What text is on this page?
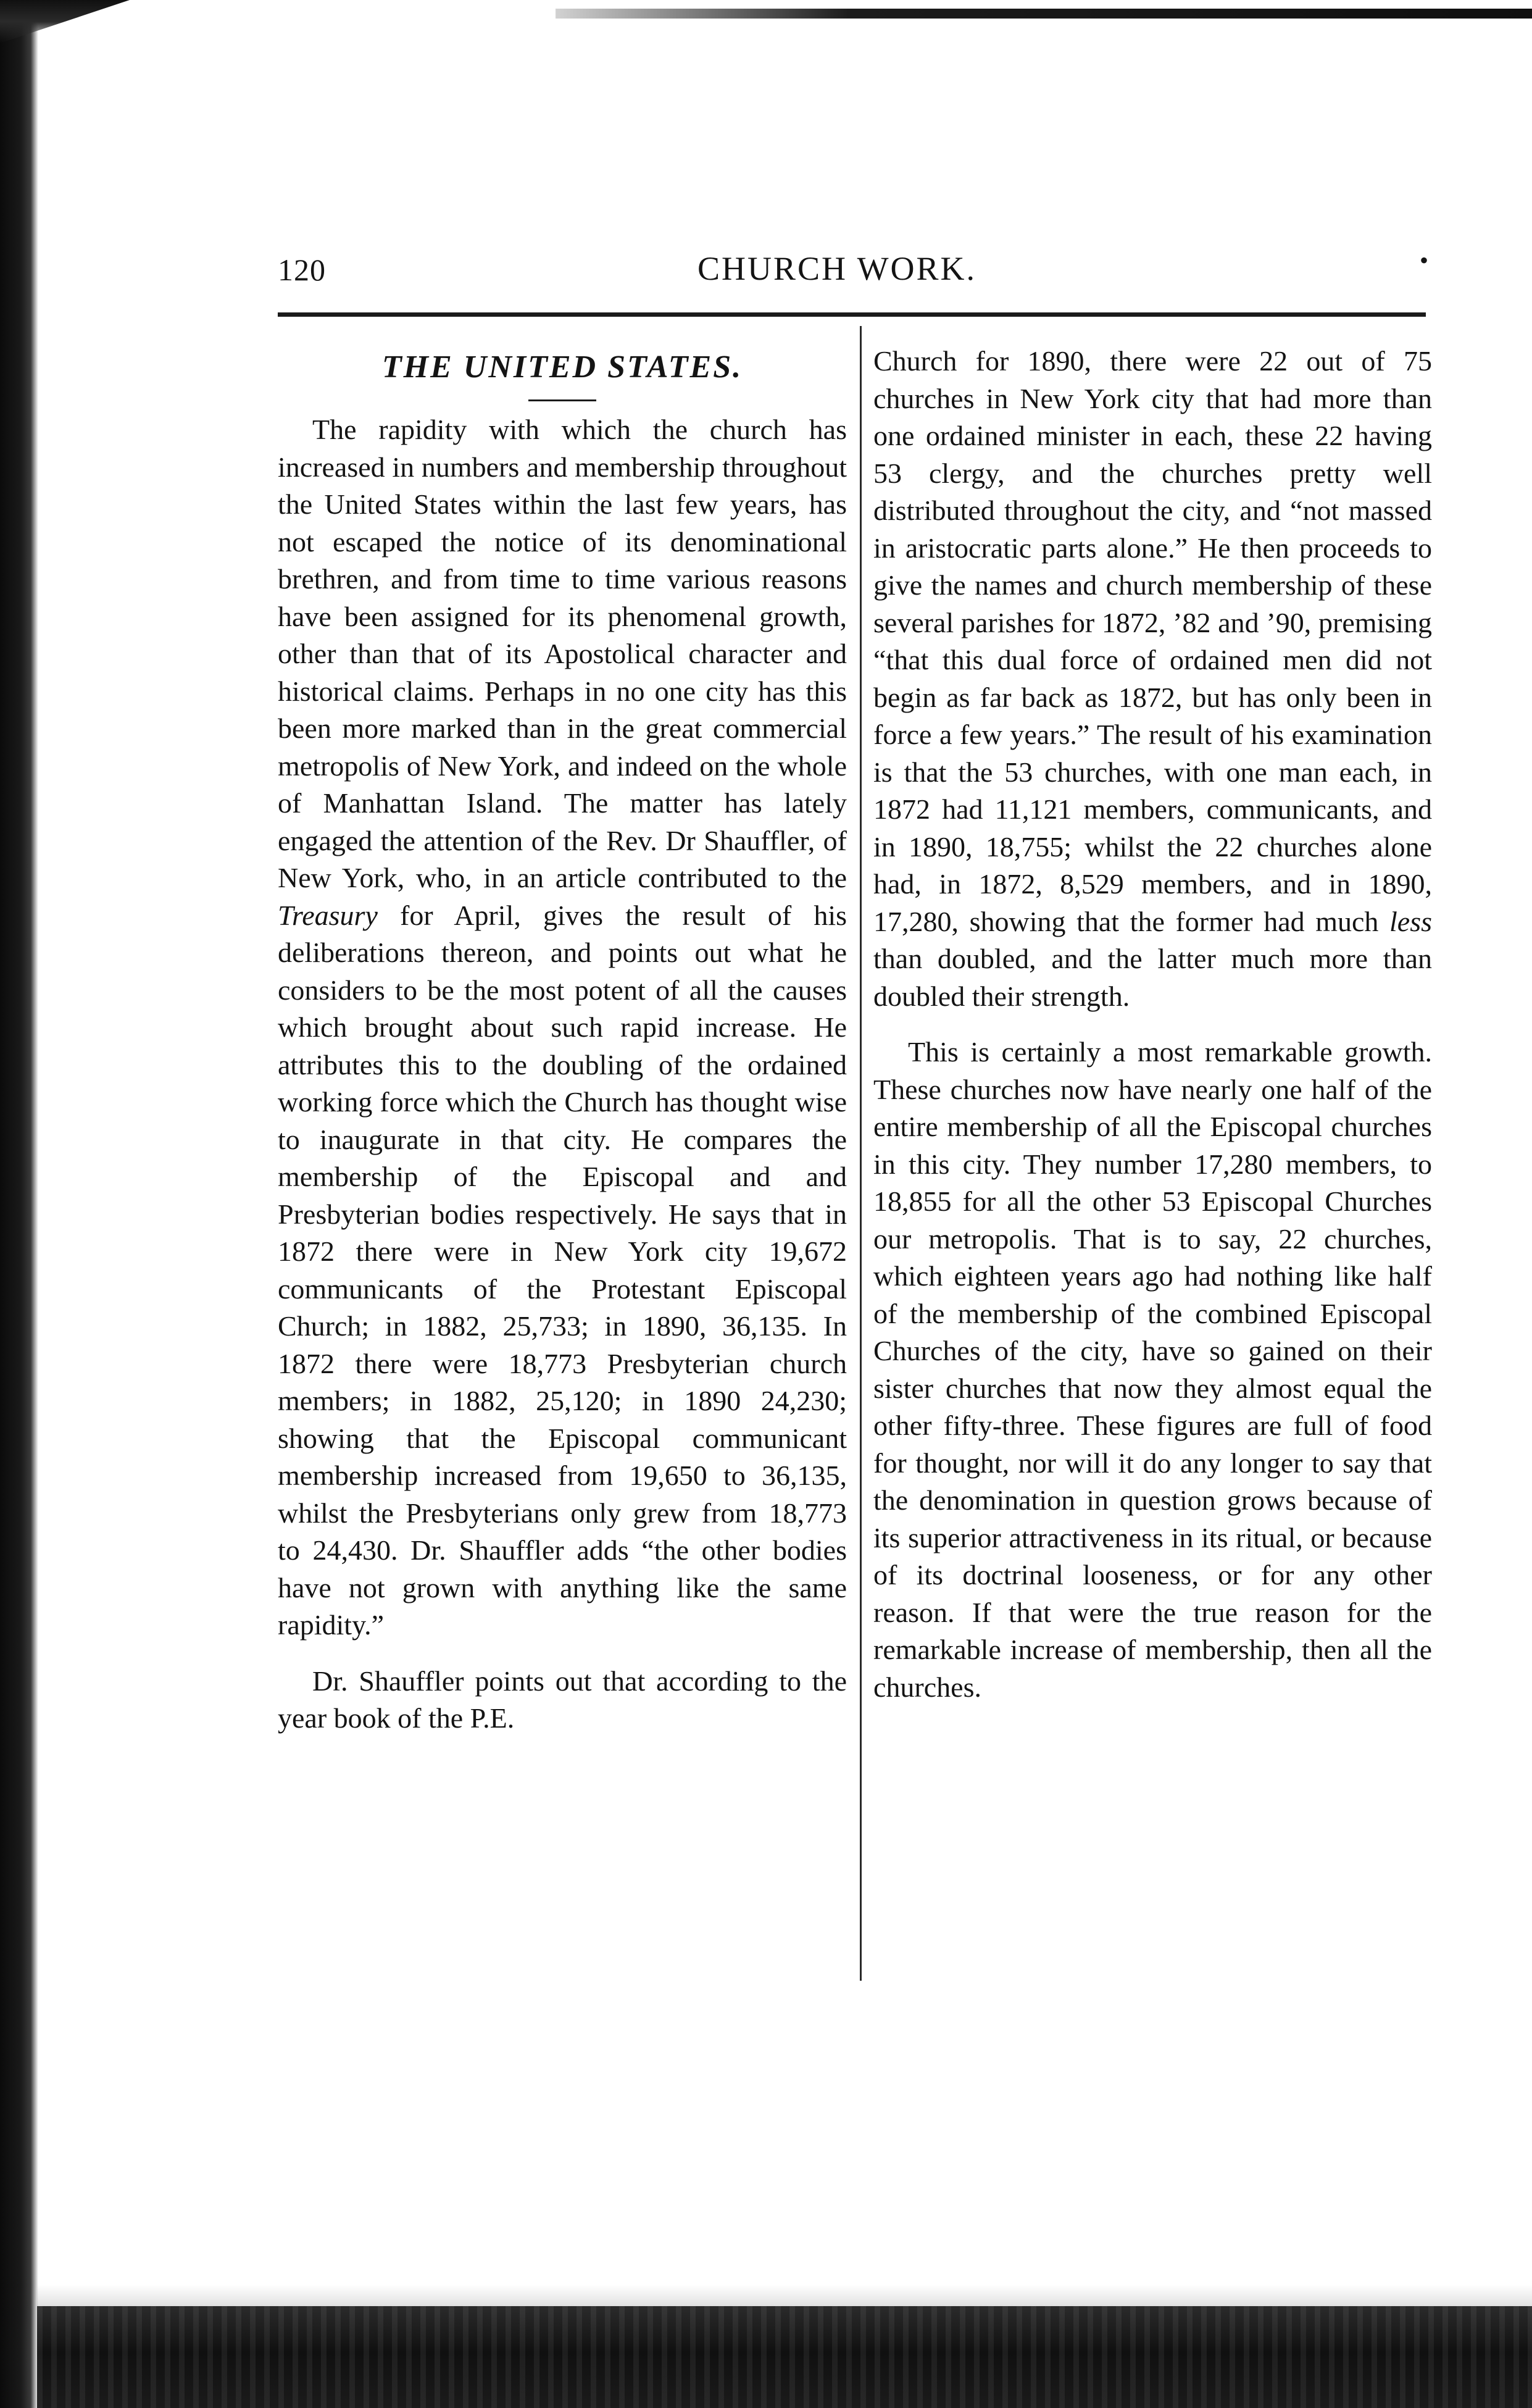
120	CHURCH WORK.	•
THE UNITED STATES.

The rapidity with which the church has increased in numbers and membership throughout the United States within the last few years, has not escaped the notice of its denominational brethren, and from time to time various reasons have been assigned for its phenomenal growth, other than that of its Apostolical character and historical claims. Perhaps in no one city has this been more marked than in the great commercial metropolis of New York, and indeed on the whole of Manhattan Island. The matter has lately engaged the attention of the Rev. Dr Shauffler, of New York, who, in an article contributed to the Treasury for April, gives the result of his deliberations thereon, and points out what he considers to be the most potent of all the causes which brought about such rapid increase. He attributes this to the doubling of the ordained working force which the Church has thought wise to inaugurate in that city. He compares the membership of the Episcopal and and Presbyterian bodies respectively. He says that in 1872 there were in New York city 19,672 communicants of the Protestant Episcopal Church; in 1882, 25,733; in 1890, 36,135. In 1872 there were 18,773 Presbyterian church members; in 1882, 25,120; in 1890 24,230; showing that the Episcopal communicant membership increased from 19,650 to 36,135, whilst the Presbyterians only grew from 18,773 to 24,430. Dr. Shauffler adds “the other bodies have not grown with anything like the same rapidity.”

Dr. Shauffler points out that according to the year book of the P.E.

Church for 1890, there were 22 out of 75 churches in New York city that had more than one ordained minister in each, these 22 having 53 clergy, and the churches pretty well distributed throughout the city, and “not massed in aristocratic parts alone.” He then proceeds to give the names and church membership of these several parishes for 1872, ’82 and ’90, premising “that this dual force of ordained men did not begin as far back as 1872, but has only been in force a few years.” The result of his examination is that the 53 churches, with one man each, in 1872 had 11,121 members, communicants, and in 1890, 18,755; whilst the 22 churches alone had, in 1872, 8,529 members, and in 1890, 17,280, showing that the former had much less than doubled, and the latter much more than doubled their strength.

This is certainly a most remarkable growth. These churches now have nearly one half of the entire membership of all the Episcopal churches in this city. They number 17,280 members, to 18,855 for all the other 53 Episcopal Churches our metropolis. That is to say, 22 churches, which eighteen years ago had nothing like half of the membership of the combined Episcopal Churches of the city, have so gained on their sister churches that now they almost equal the other fifty-three. These figures are full of food for thought, nor will it do any longer to say that the denomination in question grows because of its superior attractiveness in its ritual, or because of its doctrinal looseness, or for any other reason. If that were the true reason for the remarkable increase of membership, then all the churches.
